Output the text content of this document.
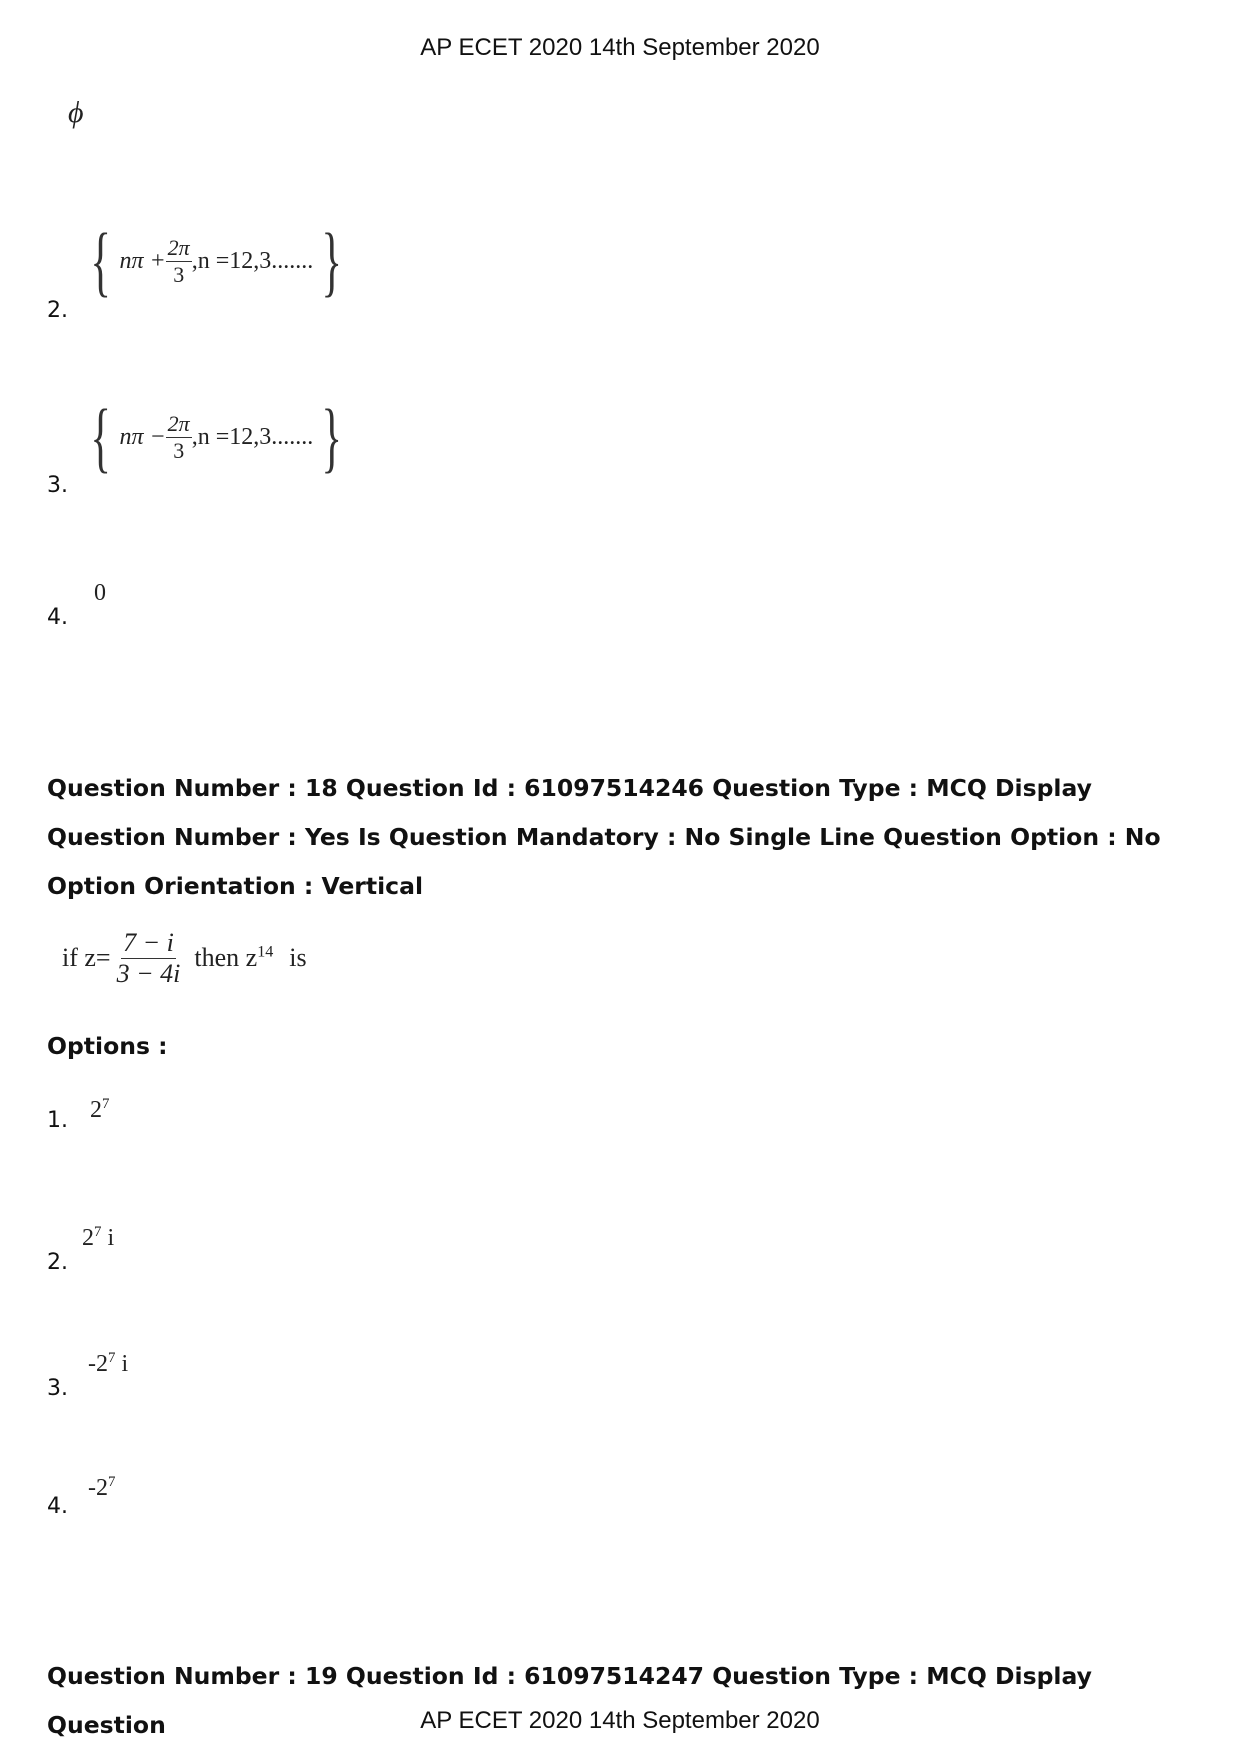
AP ECET 2020 14th September 2020
ϕ
2.
{ $n\pi + \frac{2\pi}{3} ,n =12,3$....... }
3.
{ $n\pi - \frac{2\pi}{3} ,n =12,3$....... }
4.
0
Question Number : 18 Question Id : 61097514246 Question Type : MCQ Display Question Number : Yes Is Question Mandatory : No Single Line Question Option : No Option Orientation : Vertical
if $z= \frac{7 - i}{3 - 4i}$ then $z^{14}$ is
Options :
1. $2^7$
2.
$2^7$ i
3.
$-2^7$ i
4.
$-2^7$
Question Number : 19 Question Id : 61097514247 Question Type : MCQ Display Question	AP ECET 2020 14th September 2020
